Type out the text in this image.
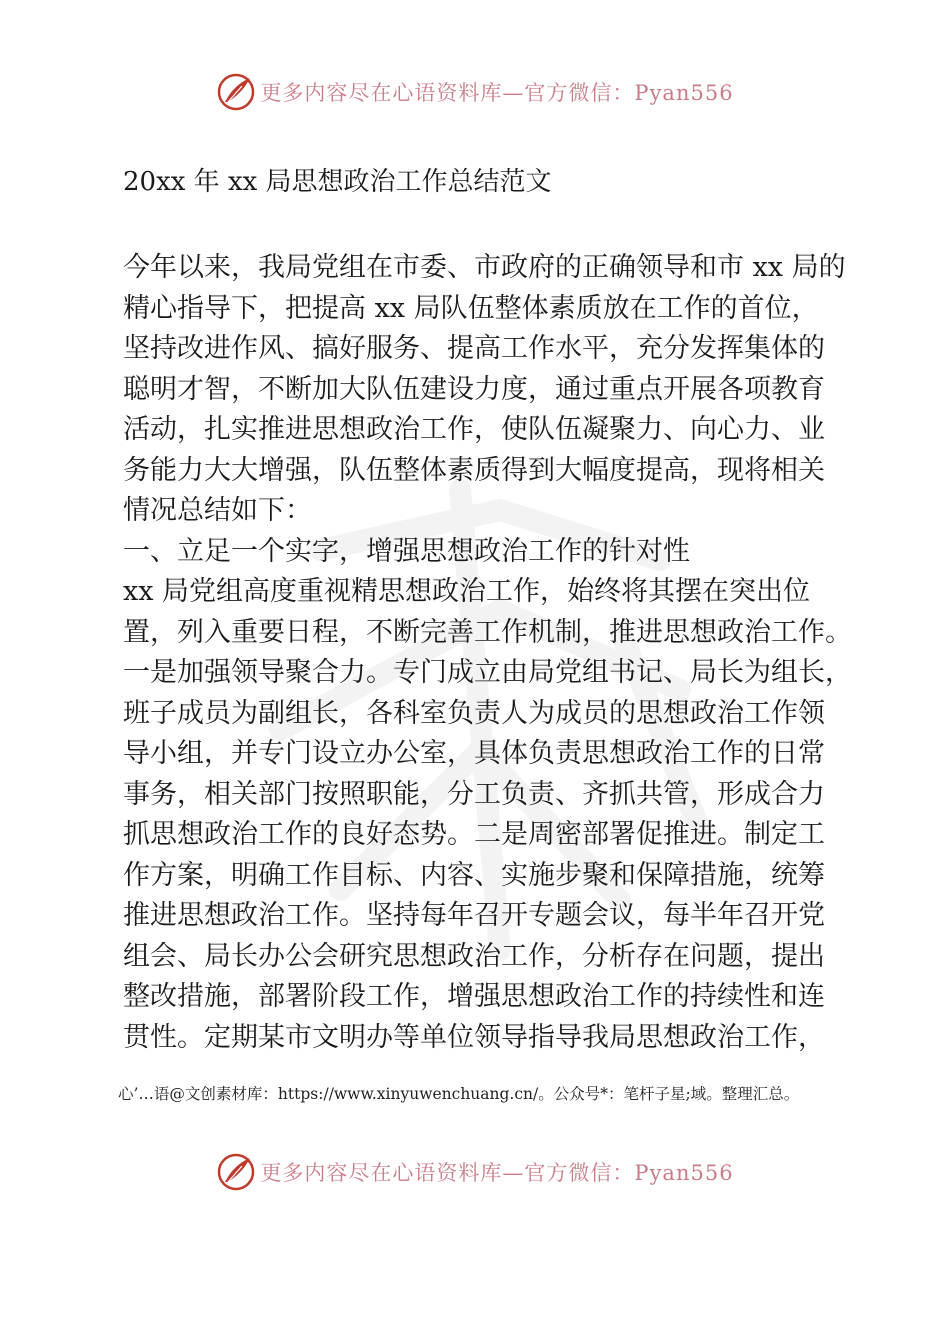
更多内容尽在心语资料库—官方微信：Pyan556
20xx 年 xx 局思想政治工作总结范文
今年以来，我局党组在市委、市政府的正确领导和市 xx 局的
精心指导下，把提高 xx 局队伍整体素质放在工作的首位，
坚持改进作风、搞好服务、提高工作水平，充分发挥集体的
聪明才智，不断加大队伍建设力度，通过重点开展各项教育
活动，扎实推进思想政治工作，使队伍凝聚力、向心力、业
务能力大大增强，队伍整体素质得到大幅度提高，现将相关
情况总结如下：
一、立足一个实字，增强思想政治工作的针对性
xx 局党组高度重视精思想政治工作，始终将其摆在突出位
置，列入重要日程，不断完善工作机制，推进思想政治工作。
一是加强领导聚合力。专门成立由局党组书记、局长为组长，
班子成员为副组长，各科室负责人为成员的思想政治工作领
导小组，并专门设立办公室，具体负责思想政治工作的日常
事务，相关部门按照职能，分工负责、齐抓共管，形成合力
抓思想政治工作的良好态势。二是周密部署促推进。制定工
作方案，明确工作目标、内容、实施步聚和保障措施，统筹
推进思想政治工作。坚持每年召开专题会议，每半年召开党
组会、局长办公会研究思想政治工作，分析存在问题，提出
整改措施，部署阶段工作，增强思想政治工作的持续性和连
贯性。定期某市文明办等单位领导指导我局思想政治工作，
心’…语@文创素材库：https://www.xinyuwenchuang.cn/。公众号*：笔杆子星;域。整理汇总。
更多内容尽在心语资料库—官方微信：Pyan556
